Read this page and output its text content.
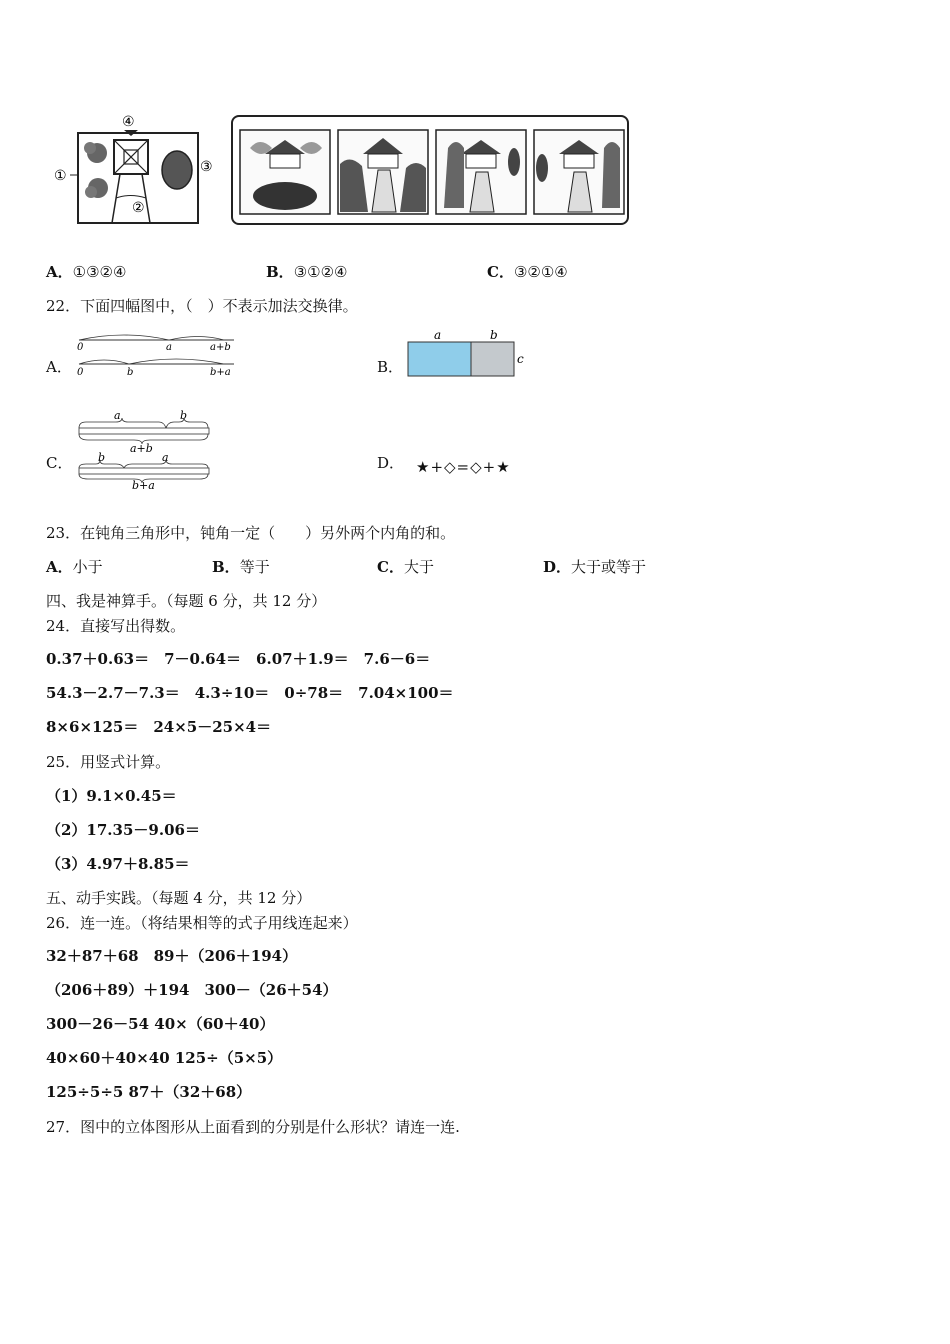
④
①
②
③
A．①③②④	B．③①②④	C．③②①④
22．下面四幅图中，（　）不表示加法交换律。
A．
0	a	a+b
0	b	b+a	B．
a	b
c
C．
a	b
a+b
b	a
b+a
D． ★+◇=◇+★
23．在钝角三角形中，钝角一定（　　）另外两个内角的和。
A．小于	B．等于	C．大于	D．大于或等于
四、我是神算手。（每题 6 分，共 12 分）
24．直接写出得数。
0.37＋0.63＝　7－0.64＝　6.07＋1.9＝　7.6－6＝
54.3－2.7－7.3＝　4.3÷10＝　0÷78＝　7.04×100＝
8×6×125＝　24×5－25×4＝
25．用竖式计算。
（1）9.1×0.45＝
（2）17.35－9.06＝
（3）4.97＋8.85＝
五、动手实践。（每题 4 分，共 12 分）
26．连一连。（将结果相等的式子用线连起来）
32＋87＋68　89＋（206＋194）
（206＋89）＋194　300－（26＋54）
300－26－54 40×（60＋40）
40×60＋40×40 125÷（5×5）
125÷5÷5 87＋（32＋68）
27．图中的立体图形从上面看到的分别是什么形状？请连一连.
